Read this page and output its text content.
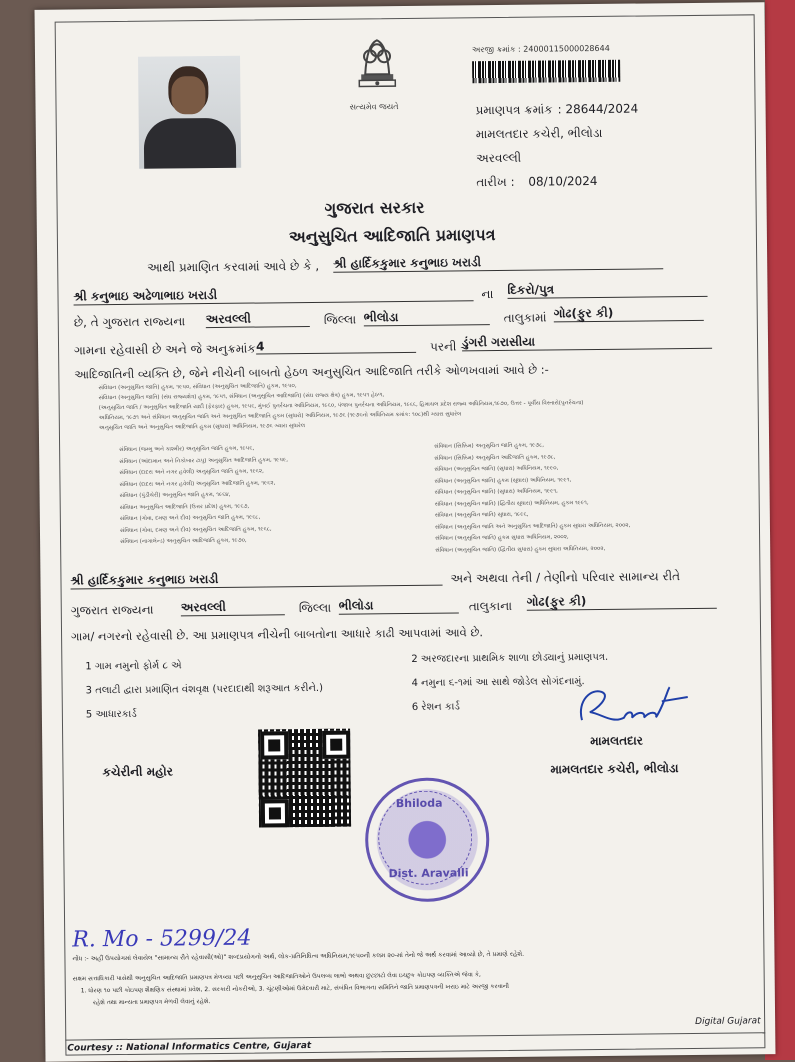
સત્યમેવ જયતે
અરજી ક્રમાંક : 24000115000028644
પ્રમાણપત્ર ક્રમાંક : 28644/2024
મામલતદાર કચેરી, ભીલોડા
અરવલ્લી
તારીખ : 08/10/2024
ગુજરાત સરકાર
અનુસુચિત આદિજાતિ પ્રમાણપત્ર
આથી પ્રમાણિત કરવામાં આવે છે કે , શ્રી હાર્દિકકુમાર કનુભાઇ ખરાડી
શ્રી કનુભાઇ અઢેળાભાઇ ખરાડી	ના દિકરો/પુત્ર
છે, તે ગુજરાત રાજ્યના અરવલ્લી	જિલ્લા ભીલોડા	તાલુકામાં ગોઢ(ફુર કી)
ગામના રહેવાસી છે અને જે અનુક્રમાંક 4	પરની ડુંગરી ગરાસીયા
આદિજાતિની વ્યક્તિ છે, જેને નીચેની બાબતો હેઠળ અનુસુચિત આદિજાતિ તરીકે ઓળખવામાં આવે છે :-
સંવિધાન (અનુસુચિત જાતિ) હુકમ, ૧૯૫૦, સંવિધાન (અનુસુચિત આદિજાતિ) હુકમ, ૧૯૫૦,
સંવિધાન (અનુસુચિત જાતિ) (સંઘ રાજ્યક્ષેત્ર) હુકમ, ૧૯૫૧, સંવિધાન (અનુસુચિત આદિજાતિ) (સંઘ રાજ્ય ક્ષેત્ર) હુકમ, ૧૯૫૧ હેઠળ,
(અનુસુચિત જાતિ / અનુસુચિત આદિજાતિ યાદી (ફેરફાર) હુકમ, ૧૯૫૬, મુંબઈ પુનર્રચના અધિનિયમ, ૧૯૬૦, પંજાબ પુનર્રચના અધિનિયમ, ૧૯૬૬, હિમાચલ પ્રદેશ રાજ્ય અધિનિયમ,૧૯૭૦, ઉત્તર - પૂર્વીય વિસ્તારો(પુનર્રચના)
અધિનિયમ, ૧૯૭૧ અને સંવિધાન અનુસુચિત જાતિ અને અનુસુચિત આદિજાતિ હુકમ (સુધારો) અધિનિયમ, ૧૯૭૬ (૧૯૭૬નો અધિનિયમ ક્રમાંક: ૧૦૮)થી ગ્યારા સુધારેલ
અનુસુચિત જાતિ અને અનુસુચિત આદિજાતિ હુકમ (સુધારા) અધિનિયમ, ૧૯૭૬ ગ્યારા સુધારેલ
સંવિધાન (જમ્મુ અને કાશ્મીર) અનુસુચિત જાતિ હુકમ, ૧૯૫૬,
સંવિધાન (આંદામાન અને નિકોબાર ટાપુ) અનુસુચિત આદિજાતિ હુકમ, ૧૯૫૯,
સંવિધાન (દાદરા અને નગર હવેલી) અનુસુચિત જાતિ હુકમ, ૧૯૬૨,
સંવિધાન (દાદરા અને નગર હવેલી) અનુસુચિત આદિજાતિ હુકમ, ૧૯૬૨,
સંવિધાન (પુંડીચેરી) અનુસુચિત જાતિ હુકમ, ૧૯૬૪,
સંવિધાન અનુસુચિત આદિજાતિ (ઉત્તર પ્રદેશ) હુકમ, ૧૯૬૭,
સંવિધાન (ગોવા, દમણ અને દીવ) અનુસુચિત જાતિ હુકમ, ૧૯૬૮,
સંવિધાન (ગોવા, દમણ અને દીવ) અનુસુચિત આદિજાતિ હુકમ, ૧૯૬૮,
સંવિધાન (નાગાલેન્ડ) અનુસુચિત આદિજાતિ હુકમ, ૧૯૭૦,
સંવિધાન (સિક્કિમ) અનુસુચિત જાતિ હુકમ, ૧૯૭૮,
સંવિધાન (સિક્કિમ) અનુસુચિત આદિજાતિ હુકમ, ૧૯૭૮,
સંવિધાન (અનુસુચિત જાતિ) (સુધારા) અધિનિયમ, ૧૯૯૦,
સંવિધાન (અનુસુચિત જાતિ) હુકમ (સુધારા) અધિનિયમ, ૧૯૯૧,
સંવિધાન (અનુસુચિત જાતિ) (સુધારા) અધિનિયમ, ૧૯૯૧,
સંવિધાન (અનુસુચિત જાતિ) (દ્વિતીય સુધારા) અધિનિયમ, હુકમ ૧૯૯૧,
સંવિધાન (અનુસુચિત જાતિ) સુધારા, ૧૯૯૬,
સંવિધાન (અનુસુચિત જાતિ અને અનુસુચિત આદિજાતિ) હુકમ સુધારા અધિનિયમ, ૨૦૦૨,
સંવિધાન (અનુસુચિત જાતિ) હુકમ સુધારા અધિનિયમ, ૨૦૦૨,
સંવિધાન (અનુસુચિત જાતિ) (દ્વિતીય સુધારા) હુકમ સુધારા અધિનિયમ, ૨૦૦૨,
શ્રી હાર્દિકકુમાર કનુભાઇ ખરાડી	અને અથવા તેની / તેણીનો પરિવાર સામાન્ય રીતે
ગુજરાત રાજ્યના અરવલ્લી	જિલ્લા ભીલોડા	તાલુકાના ગોઢ(ફુર કી)
ગામ/ નગરનો રહેવાસી છે. આ પ્રમાણપત્ર નીચેની બાબતોના આધારે કાઢી આપવામાં આવે છે.
1 ગામ નમુનો ફોર્મ ૮ એ
2 અરજદારના પ્રાથમિક શાળા છોડ્યાનું પ્રમાણપત્ર.
3 તલાટી દ્વારા પ્રમાણિત વંશવૃક્ષ (પરદાદાથી શરૂઆત કરીને.)
4 નમુના ૬-૧માં આ સાથે જોડેલ સોગંદનામું.
5 આધારકાર્ડ
6 રેશન કાર્ડ
મામલતદાર
મામલતદાર કચેરી, ભીલોડા
કચેરીની મહોર
Bhiloda
Dist. Aravalli
R. Mo - 5299/24
નોંધ :- અહીં ઉપયોગમાં લેવાયેલ "સામાન્ય રીતે રહેવાસી(ઓ)" શબ્દપ્રયોગનો અર્થ, લોક-પ્રતિનિધિત્વ અધિનિયમ,૧૯૫૦ની કલમ ૨૦-માં તેનો જે અર્થ કરવામાં આવ્યો છે, તે પ્રમાણે રહેશે.
સક્ષમ સત્તાધિકારી પાસેથી અનુસુચિત આદિજાતિ પ્રમાણપત્ર મેળવ્યા પછી અનુસુચિત આદિજાતિઓને ઉપલબ્ધ લાભો અથવા છુટછાટો લેવા ઇચ્છુક કોઇપણ વ્યક્તિએ જેવા કે,
1. ધોરણ ૧૦ પછી કોઇપણ શૈક્ષણિક સંસ્થામાં પ્રવેશ, 2. સરકારી નોકરીઓ, 3. ચૂંટણીઓમાં ઉમેદવારી માટે, સંબંધિત વિભાગના સમિતિને જાતિ પ્રમાણપત્રની ખરાઇ માટે અરજી કરવાની
રહેશે તથા માન્યતા પ્રમાણપત્ર મેળવી લેવાનું રહેશે.
Courtesy :: National Informatics Centre, Gujarat
Digital Gujarat
